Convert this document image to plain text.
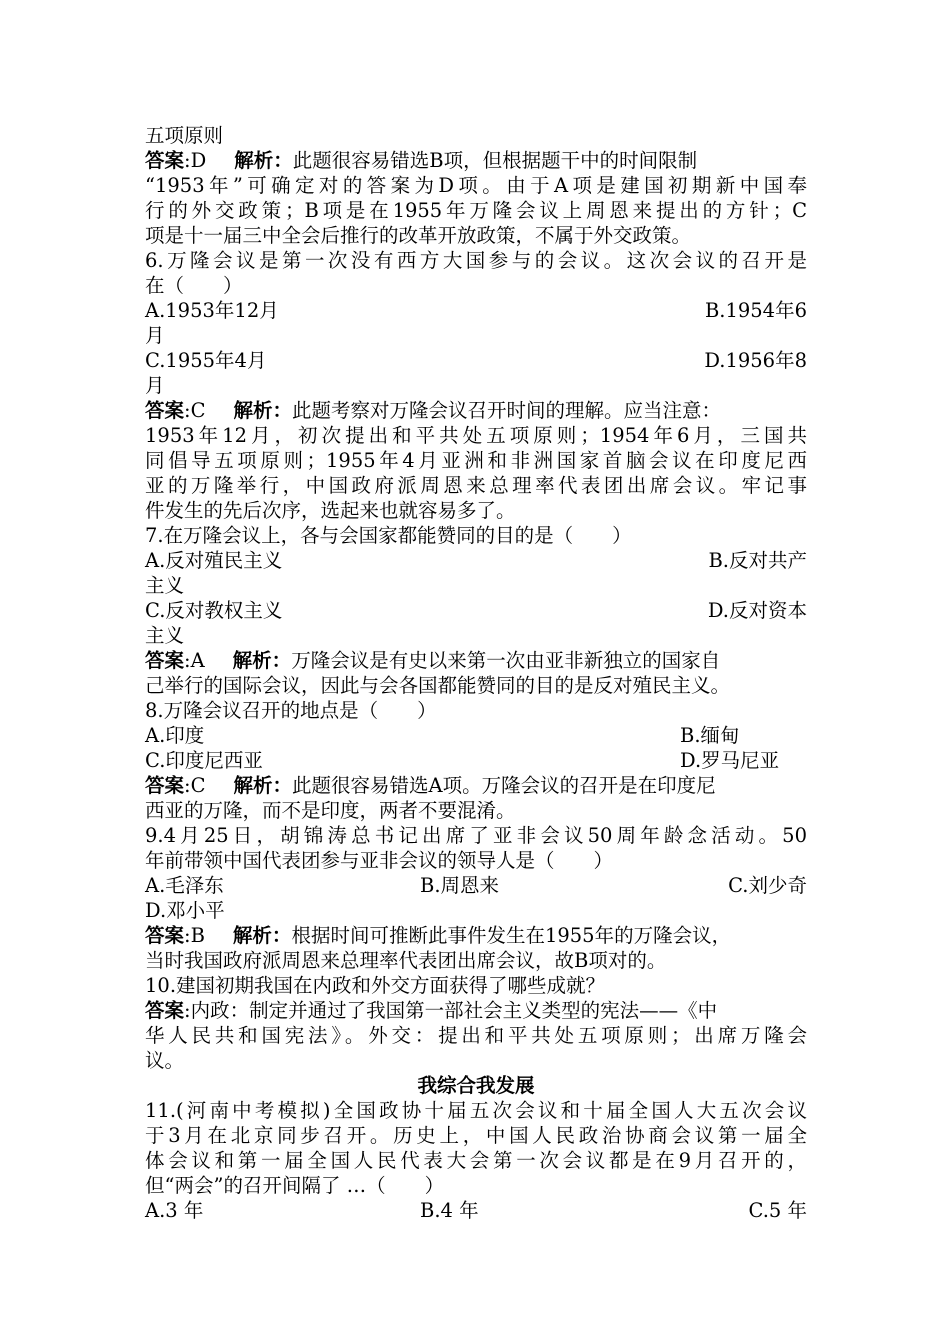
五项原则
答案:D 解析：此题很容易错选B项，但根据题干中的时间限制
“1953年”可确定对的答案为D项。由于A项是建国初期新中国奉
行的外交政策；B项是在1955年万隆会议上周恩来提出的方针；C
项是十一届三中全会后推行的改革开放政策，不属于外交政策。
6.万隆会议是第一次没有西方大国参与的会议。这次会议的召开是
在（　　）
A.1953年12月	B.1954年6
月
C.1955年4月	D.1956年8
月
答案:C 解析：此题考察对万隆会议召开时间的理解。应当注意：
1953年12月，初次提出和平共处五项原则；1954年6月，三国共
同倡导五项原则；1955年4月亚洲和非洲国家首脑会议在印度尼西
亚的万隆举行，中国政府派周恩来总理率代表团出席会议。牢记事
件发生的先后次序，选起来也就容易多了。
7.在万隆会议上，各与会国家都能赞同的目的是（　　）
A.反对殖民主义	B.反对共产
主义
C.反对教权主义	D.反对资本
主义
答案:A 解析：万隆会议是有史以来第一次由亚非新独立的国家自
己举行的国际会议，因此与会各国都能赞同的目的是反对殖民主义。
8.万隆会议召开的地点是（　　）
A.印度	B.缅甸
C.印度尼西亚	D.罗马尼亚
答案:C 解析：此题很容易错选A项。万隆会议的召开是在印度尼
西亚的万隆，而不是印度，两者不要混淆。
9.4月25日，胡锦涛总书记出席了亚非会议50周年龄念活动。50
年前带领中国代表团参与亚非会议的领导人是（　　）
A.毛泽东	B.周恩来	C.刘少奇
D.邓小平
答案:B 解析：根据时间可推断此事件发生在1955年的万隆会议，
当时我国政府派周恩来总理率代表团出席会议，故B项对的。
10.建国初期我国在内政和外交方面获得了哪些成就？
答案:内政：制定并通过了我国第一部社会主义类型的宪法——《中
华人民共和国宪法》。外交：提出和平共处五项原则；出席万隆会
议。
我综合我发展
11.(河南中考模拟)全国政协十届五次会议和十届全国人大五次会议
于3月在北京同步召开。历史上，中国人民政治协商会议第一届全
体会议和第一届全国人民代表大会第一次会议都是在9月召开的，
但“两会”的召开间隔了 …（　　）
A.3 年	B.4 年	C.5 年
